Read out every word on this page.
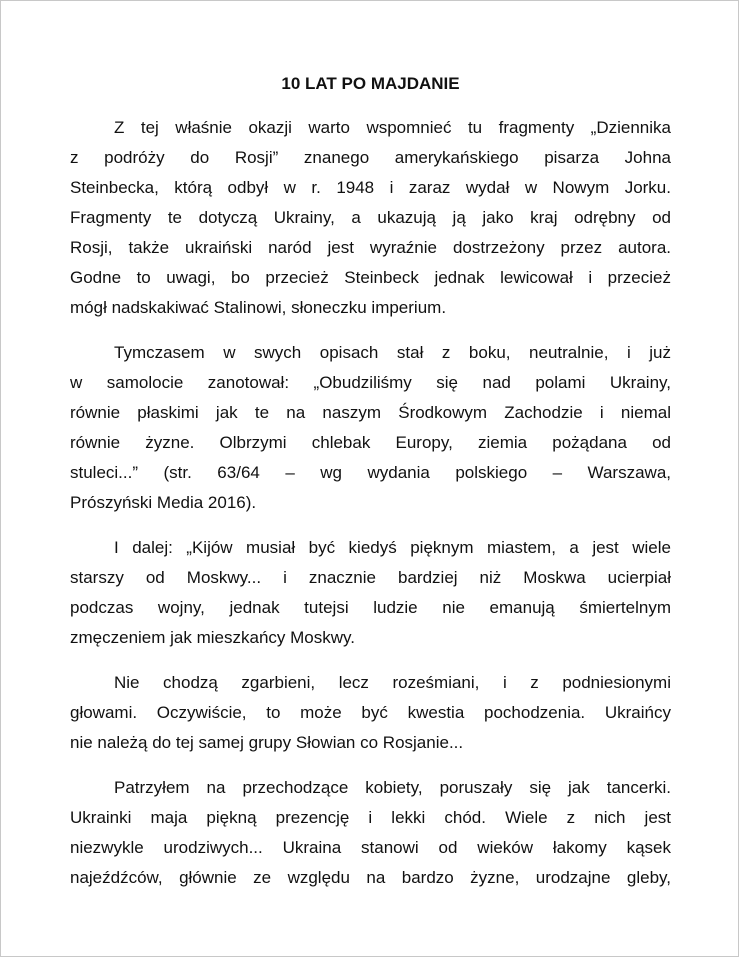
10 LAT PO MAJDANIE
Z tej właśnie okazji warto wspomnieć tu fragmenty „Dziennika
z podróży do Rosji” znanego amerykańskiego pisarza Johna
Steinbecka, którą odbył w r. 1948 i zaraz wydał w Nowym Jorku.
Fragmenty te dotyczą Ukrainy, a ukazują ją jako kraj odrębny od
Rosji, także ukraiński naród jest wyraźnie dostrzeżony przez autora.
Godne to uwagi, bo przecież Steinbeck jednak lewicował i przecież
mógł nadskakiwać Stalinowi, słoneczku imperium.
Tymczasem w swych opisach stał z boku, neutralnie, i już
w samolocie zanotował: „Obudziliśmy się nad polami Ukrainy,
równie płaskimi jak te na naszym Środkowym Zachodzie i niemal
równie żyzne. Olbrzymi chlebak Europy, ziemia pożądana od
stuleci...” (str. 63/64 – wg wydania polskiego – Warszawa,
Prószyński Media 2016).
I dalej: „Kijów musiał być kiedyś pięknym miastem, a jest wiele
starszy od Moskwy... i znacznie bardziej niż Moskwa ucierpiał
podczas wojny, jednak tutejsi ludzie nie emanują śmiertelnym
zmęczeniem jak mieszkańcy Moskwy.
Nie chodzą zgarbieni, lecz roześmiani, i z podniesionymi
głowami. Oczywiście, to może być kwestia pochodzenia. Ukraińcy
nie należą do tej samej grupy Słowian co Rosjanie...
Patrzyłem na przechodzące kobiety, poruszały się jak tancerki.
Ukrainki maja piękną prezencję i lekki chód. Wiele z nich jest
niezwykle urodziwych... Ukraina stanowi od wieków łakomy kąsek
najeźdźców, głównie ze względu na bardzo żyzne, urodzajne gleby,
